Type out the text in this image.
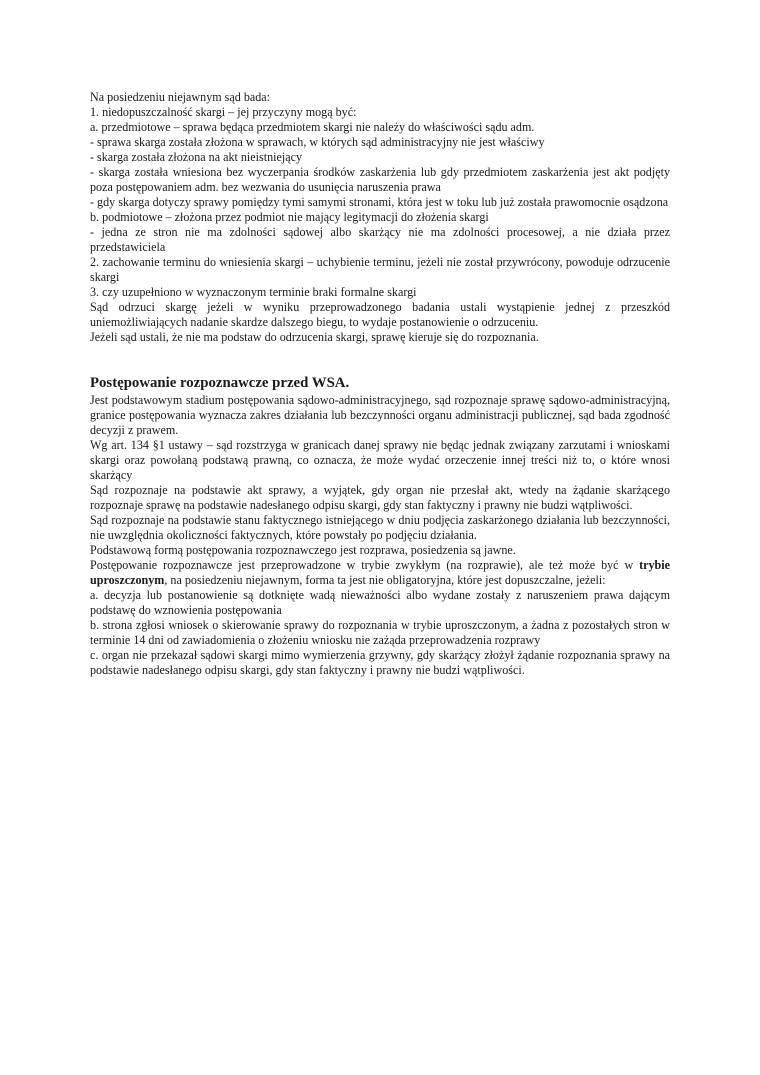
Na posiedzeniu niejawnym sąd bada:

1. niedopuszczalność skargi – jej przyczyny mogą być:

a. przedmiotowe – sprawa będąca przedmiotem skargi nie należy do właściwości sądu adm.

- sprawa skarga została złożona w sprawach, w których sąd administracyjny nie jest właściwy

- skarga została złożona na akt nieistniejący

- skarga została wniesiona bez wyczerpania środków zaskarżenia lub gdy przedmiotem zaskarżenia jest akt podjęty poza postępowaniem adm. bez wezwania do usunięcia naruszenia prawa

- gdy skarga dotyczy sprawy pomiędzy tymi samymi stronami, która jest w toku lub już została prawomocnie osądzona

b. podmiotowe – złożona przez podmiot nie mający legitymacji do złożenia skargi

- jedna ze stron nie ma zdolności sądowej albo skarżący nie ma zdolności procesowej, a nie działa przez przedstawiciela

2. zachowanie terminu do wniesienia skargi – uchybienie terminu, jeżeli nie został przywrócony, powoduje odrzucenie skargi

3. czy uzupełniono w wyznaczonym terminie braki formalne skargi

Sąd odrzuci skargę jeżeli w wyniku przeprowadzonego badania ustali wystąpienie jednej z przeszkód uniemożliwiających nadanie skardze dalszego biegu, to wydaje postanowienie o odrzuceniu.

Jeżeli sąd ustali, że nie ma podstaw do odrzucenia skargi, sprawę kieruje się do rozpoznania.

Postępowanie rozpoznawcze przed WSA.

Jest podstawowym stadium postępowania sądowo-administracyjnego, sąd rozpoznaje sprawę sądowo-administracyjną, granice postępowania wyznacza zakres działania lub bezczynności organu administracji publicznej, sąd bada zgodność decyzji z prawem.

Wg art. 134 §1 ustawy – sąd rozstrzyga w granicach danej sprawy nie będąc jednak związany zarzutami i wnioskami skargi oraz powołaną podstawą prawną, co oznacza, że może wydać orzeczenie innej treści niż to, o które wnosi skarżący

Sąd rozpoznaje na podstawie akt sprawy, a wyjątek, gdy organ nie przesłał akt, wtedy na żądanie skarżącego rozpoznaje sprawę na podstawie nadesłanego odpisu skargi, gdy stan faktyczny i prawny nie budzi wątpliwości.

Sąd rozpoznaje na podstawie stanu faktycznego istniejącego w dniu podjęcia zaskarżonego działania lub bezczynności, nie uwzględnia okoliczności faktycznych, które powstały po podjęciu działania.

Podstawową formą postępowania rozpoznawczego jest rozprawa, posiedzenia są jawne.

Postępowanie rozpoznawcze jest przeprowadzone w trybie zwykłym (na rozprawie), ale też może być w trybie uproszczonym, na posiedzeniu niejawnym, forma ta jest nie obligatoryjna, które jest dopuszczalne, jeżeli:

a. decyzja lub postanowienie są dotknięte wadą nieważności albo wydane zostały z naruszeniem prawa dającym podstawę do wznowienia postępowania

b. strona zgłosi wniosek o skierowanie sprawy do rozpoznania w trybie uproszczonym, a żadna z pozostałych stron w terminie 14 dni od zawiadomienia o złożeniu wniosku nie zażąda przeprowadzenia rozprawy

c. organ nie przekazał sądowi skargi mimo wymierzenia grzywny, gdy skarżący złożył żądanie rozpoznania sprawy na podstawie nadesłanego odpisu skargi, gdy stan faktyczny i prawny nie budzi wątpliwości.
